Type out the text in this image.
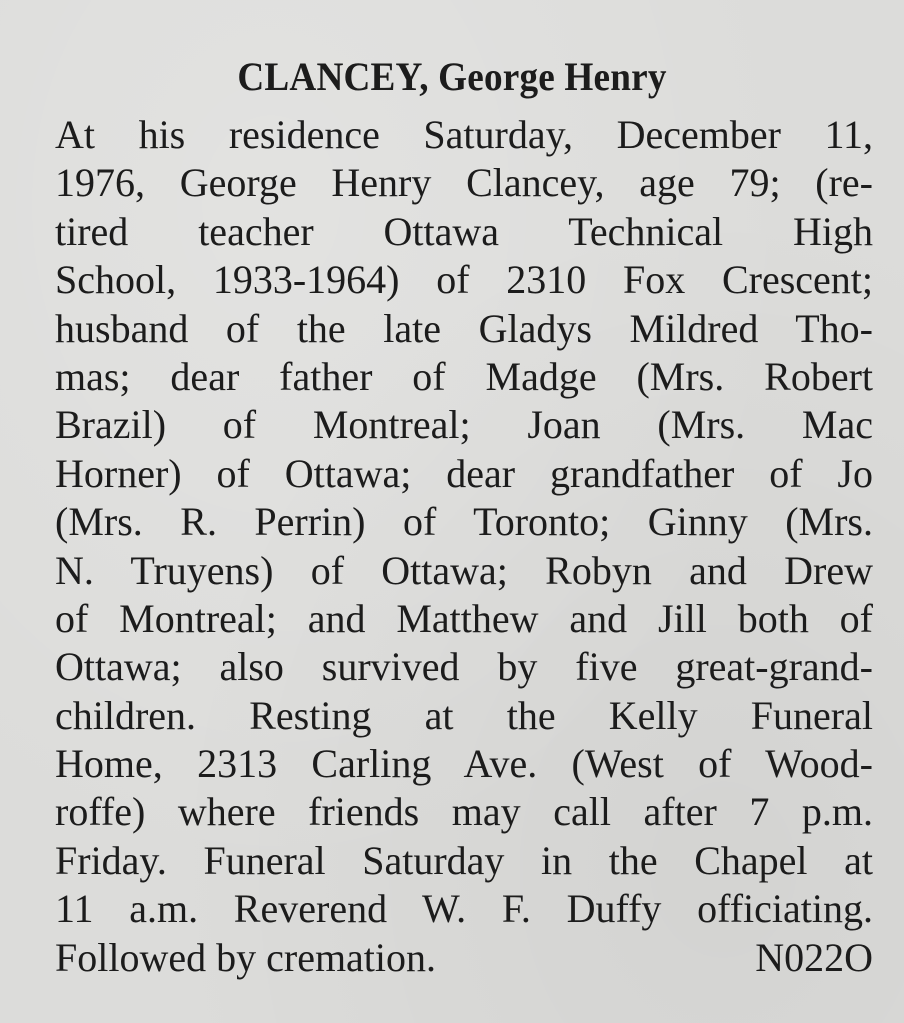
CLANCEY, George Henry
At his residence Saturday, December 11,
1976, George Henry Clancey, age 79; (re-
tired teacher Ottawa Technical High
School, 1933-1964) of 2310 Fox Crescent;
husband of the late Gladys Mildred Tho-
mas; dear father of Madge (Mrs. Robert
Brazil) of Montreal; Joan (Mrs. Mac
Horner) of Ottawa; dear grandfather of Jo
(Mrs. R. Perrin) of Toronto; Ginny (Mrs.
N. Truyens) of Ottawa; Robyn and Drew
of Montreal; and Matthew and Jill both of
Ottawa; also survived by five great-grand-
children. Resting at the Kelly Funeral
Home, 2313 Carling Ave. (West of Wood-
roffe) where friends may call after 7 p.m.
Friday. Funeral Saturday in the Chapel at
11 a.m. Reverend W. F. Duffy officiating.
Followed by cremation.	N022O
